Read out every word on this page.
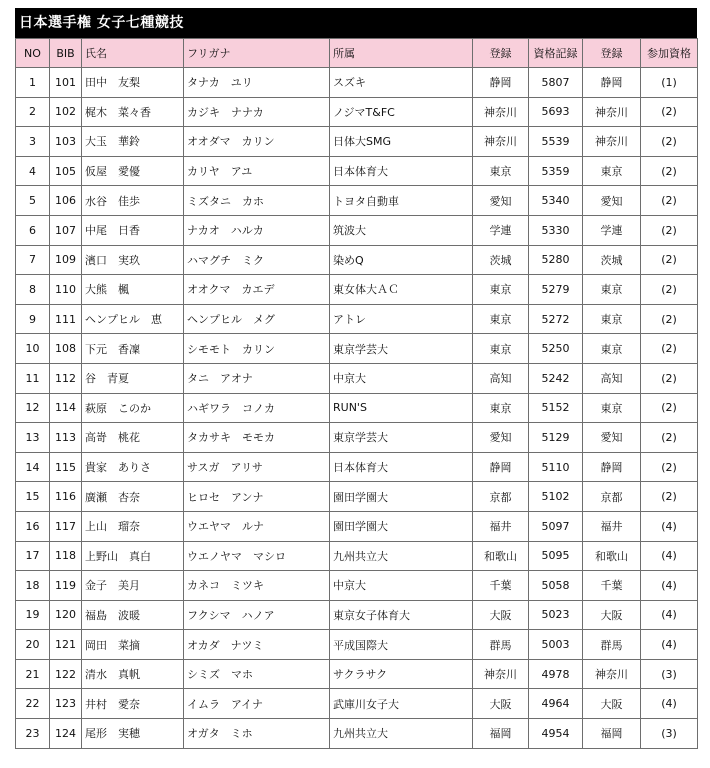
日本選手権 女子七種競技
NO	BIB	氏名	フリガナ	所属	登録	資格記録	登録	参加資格
1	101	田中　友梨	タナカ　ユリ	スズキ	静岡	5807	静岡	(1)
2	102	梶木　菜々香	カジキ　ナナカ	ノジマT&FC	神奈川	5693	神奈川	(2)
3	103	大玉　華鈴	オオダマ　カリン	日体大SMG	神奈川	5539	神奈川	(2)
4	105	仮屋　愛優	カリヤ　アユ	日本体育大	東京	5359	東京	(2)
5	106	水谷　佳歩	ミズタニ　カホ	トヨタ自動車	愛知	5340	愛知	(2)
6	107	中尾　日香	ナカオ　ハルカ	筑波大	学連	5330	学連	(2)
7	109	濱口　実玖	ハマグチ　ミク	染めQ	茨城	5280	茨城	(2)
8	110	大熊　楓	オオクマ　カエデ	東女体大ＡＣ	東京	5279	東京	(2)
9	111	ヘンプヒル　恵	ヘンプヒル　メグ	アトレ	東京	5272	東京	(2)
10	108	下元　香凜	シモモト　カリン	東京学芸大	東京	5250	東京	(2)
11	112	谷　青夏	タニ　アオナ	中京大	高知	5242	高知	(2)
12	114	萩原　このか	ハギワラ　コノカ	RUN'S	東京	5152	東京	(2)
13	113	高嵜　桃花	タカサキ　モモカ	東京学芸大	愛知	5129	愛知	(2)
14	115	貴家　ありさ	サスガ　アリサ	日本体育大	静岡	5110	静岡	(2)
15	116	廣瀬　杏奈	ヒロセ　アンナ	園田学園大	京都	5102	京都	(2)
16	117	上山　瑠奈	ウエヤマ　ルナ	園田学園大	福井	5097	福井	(4)
17	118	上野山　真白	ウエノヤマ　マシロ	九州共立大	和歌山	5095	和歌山	(4)
18	119	金子　美月	カネコ　ミツキ	中京大	千葉	5058	千葉	(4)
19	120	福島　波暖	フクシマ　ハノア	東京女子体育大	大阪	5023	大阪	(4)
20	121	岡田　菜摘	オカダ　ナツミ	平成国際大	群馬	5003	群馬	(4)
21	122	清水　真帆	シミズ　マホ	サクラサク	神奈川	4978	神奈川	(3)
22	123	井村　愛奈	イムラ　アイナ	武庫川女子大	大阪	4964	大阪	(4)
23	124	尾形　実穂	オガタ　ミホ	九州共立大	福岡	4954	福岡	(3)
